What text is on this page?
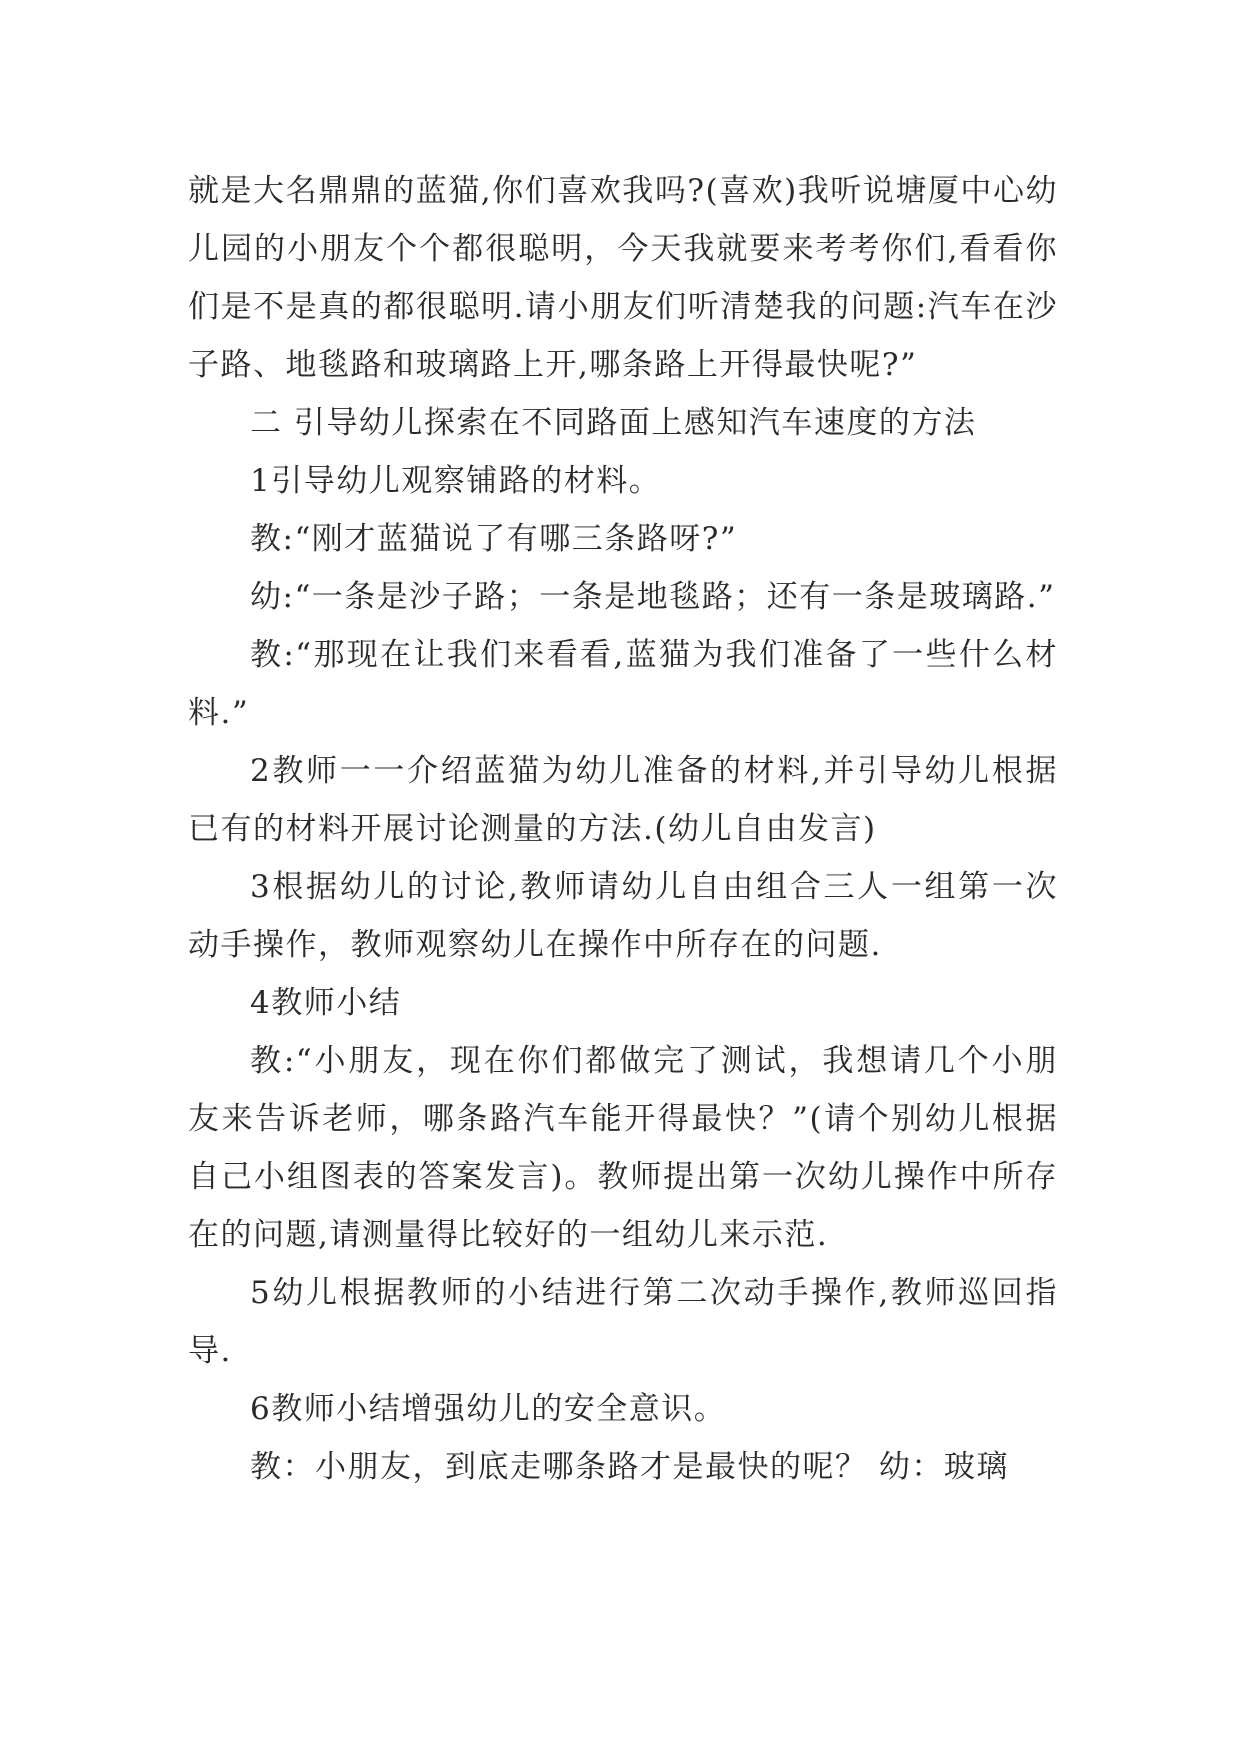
就是大名鼎鼎的蓝猫,你们喜欢我吗?(喜欢)我听说塘厦中心幼儿园的小朋友个个都很聪明，今天我就要来考考你们,看看你们是不是真的都很聪明.请小朋友们听清楚我的问题:汽车在沙子路、地毯路和玻璃路上开,哪条路上开得最快呢?”

二 引导幼儿探索在不同路面上感知汽车速度的方法

1引导幼儿观察铺路的材料。

教:“刚才蓝猫说了有哪三条路呀?”

幼:“一条是沙子路；一条是地毯路；还有一条是玻璃路.”

教:“那现在让我们来看看,蓝猫为我们准备了一些什么材料.”

2教师一一介绍蓝猫为幼儿准备的材料,并引导幼儿根据已有的材料开展讨论测量的方法.(幼儿自由发言)

3根据幼儿的讨论,教师请幼儿自由组合三人一组第一次动手操作，教师观察幼儿在操作中所存在的问题.

4教师小结

教:“小朋友，现在你们都做完了测试，我想请几个小朋友来告诉老师，哪条路汽车能开得最快？”(请个别幼儿根据自己小组图表的答案发言)。教师提出第一次幼儿操作中所存在的问题,请测量得比较好的一组幼儿来示范.

5幼儿根据教师的小结进行第二次动手操作,教师巡回指导.

6教师小结增强幼儿的安全意识。

教：小朋友，到底走哪条路才是最快的呢？ 幼：玻璃
